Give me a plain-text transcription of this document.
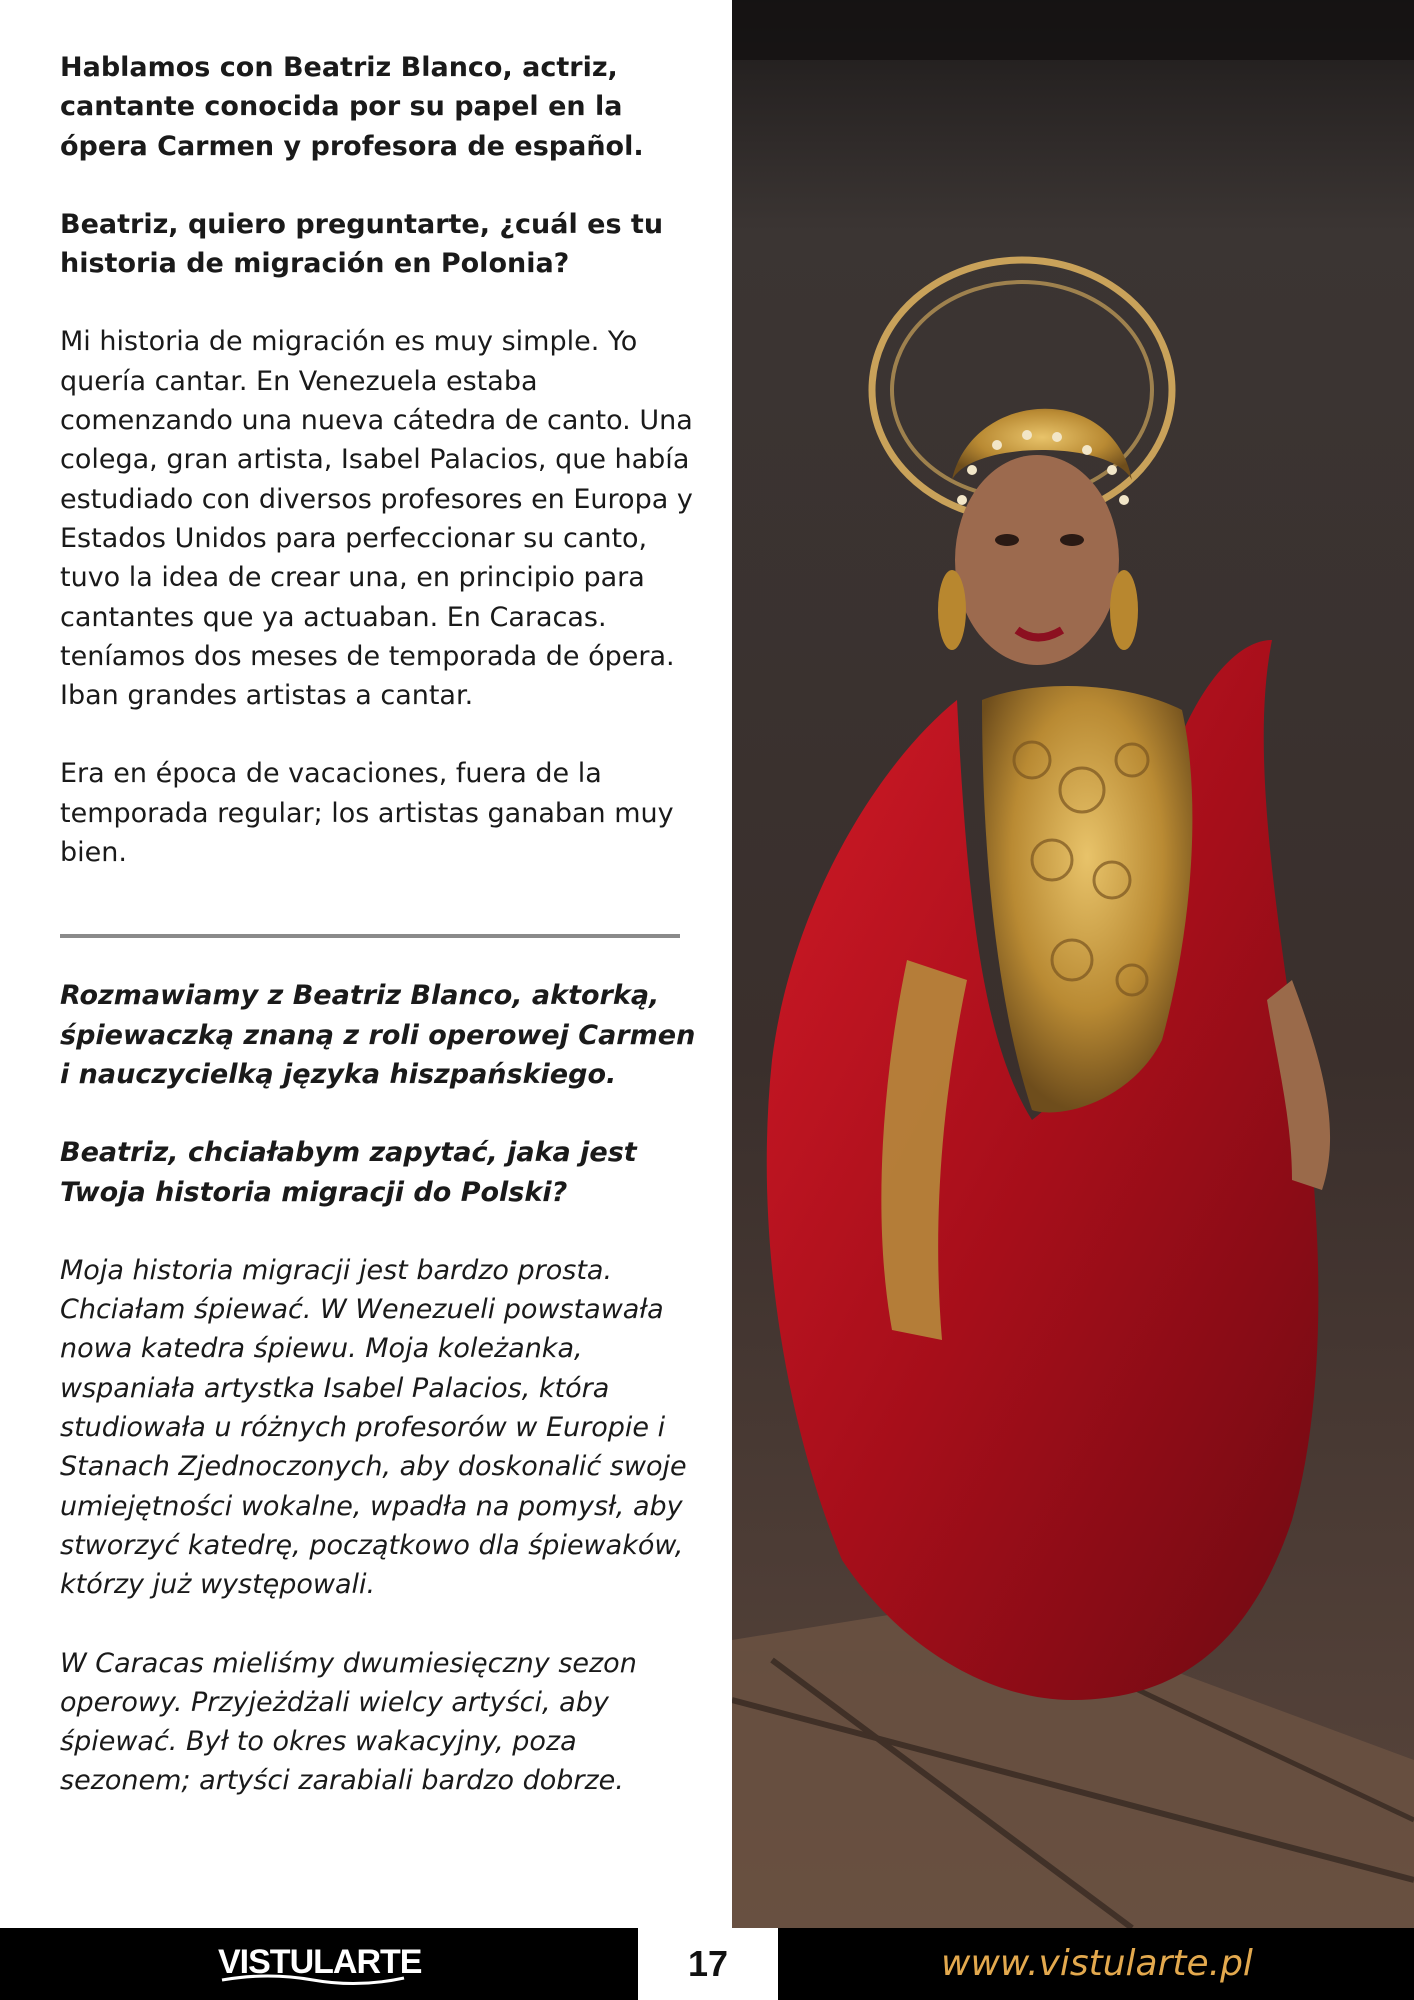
Hablamos con Beatriz Blanco, actriz, cantante conocida por su papel en la ópera Carmen y profesora de español.

Beatriz, quiero preguntarte, ¿cuál es tu historia de migración en Polonia?

Mi historia de migración es muy simple. Yo quería cantar. En Venezuela estaba comenzando una nueva cátedra de canto. Una colega, gran artista, Isabel Palacios, que había estudiado con diversos profesores en Europa y Estados Unidos para perfeccionar su canto, tuvo la idea de crear una, en principio para cantantes que ya actuaban. En Caracas. teníamos dos meses de temporada de ópera. Iban grandes artistas a cantar.

Era en época de vacaciones, fuera de la temporada regular; los artistas ganaban muy bien.

Rozmawiamy z Beatriz Blanco, aktorką, śpiewaczką znaną z roli operowej Carmen i nauczycielką języka hiszpańskiego.

Beatriz, chciałabym zapytać, jaka jest Twoja historia migracji do Polski?

Moja historia migracji jest bardzo prosta. Chciałam śpiewać. W Wenezueli powstawała nowa katedra śpiewu. Moja koleżanka, wspaniała artystka Isabel Palacios, która studiowała u różnych profesorów w Europie i Stanach Zjednoczonych, aby doskonalić swoje umiejętności wokalne, wpadła na pomysł, aby stworzyć katedrę, początkowo dla śpiewaków, którzy już występowali.

W Caracas mieliśmy dwumiesięczny sezon operowy. Przyjeżdżali wielcy artyści, aby śpiewać. Był to okres wakacyjny, poza sezonem; artyści zarabiali bardzo dobrze.

VISTULARTE	17	www.vistularte.pl
